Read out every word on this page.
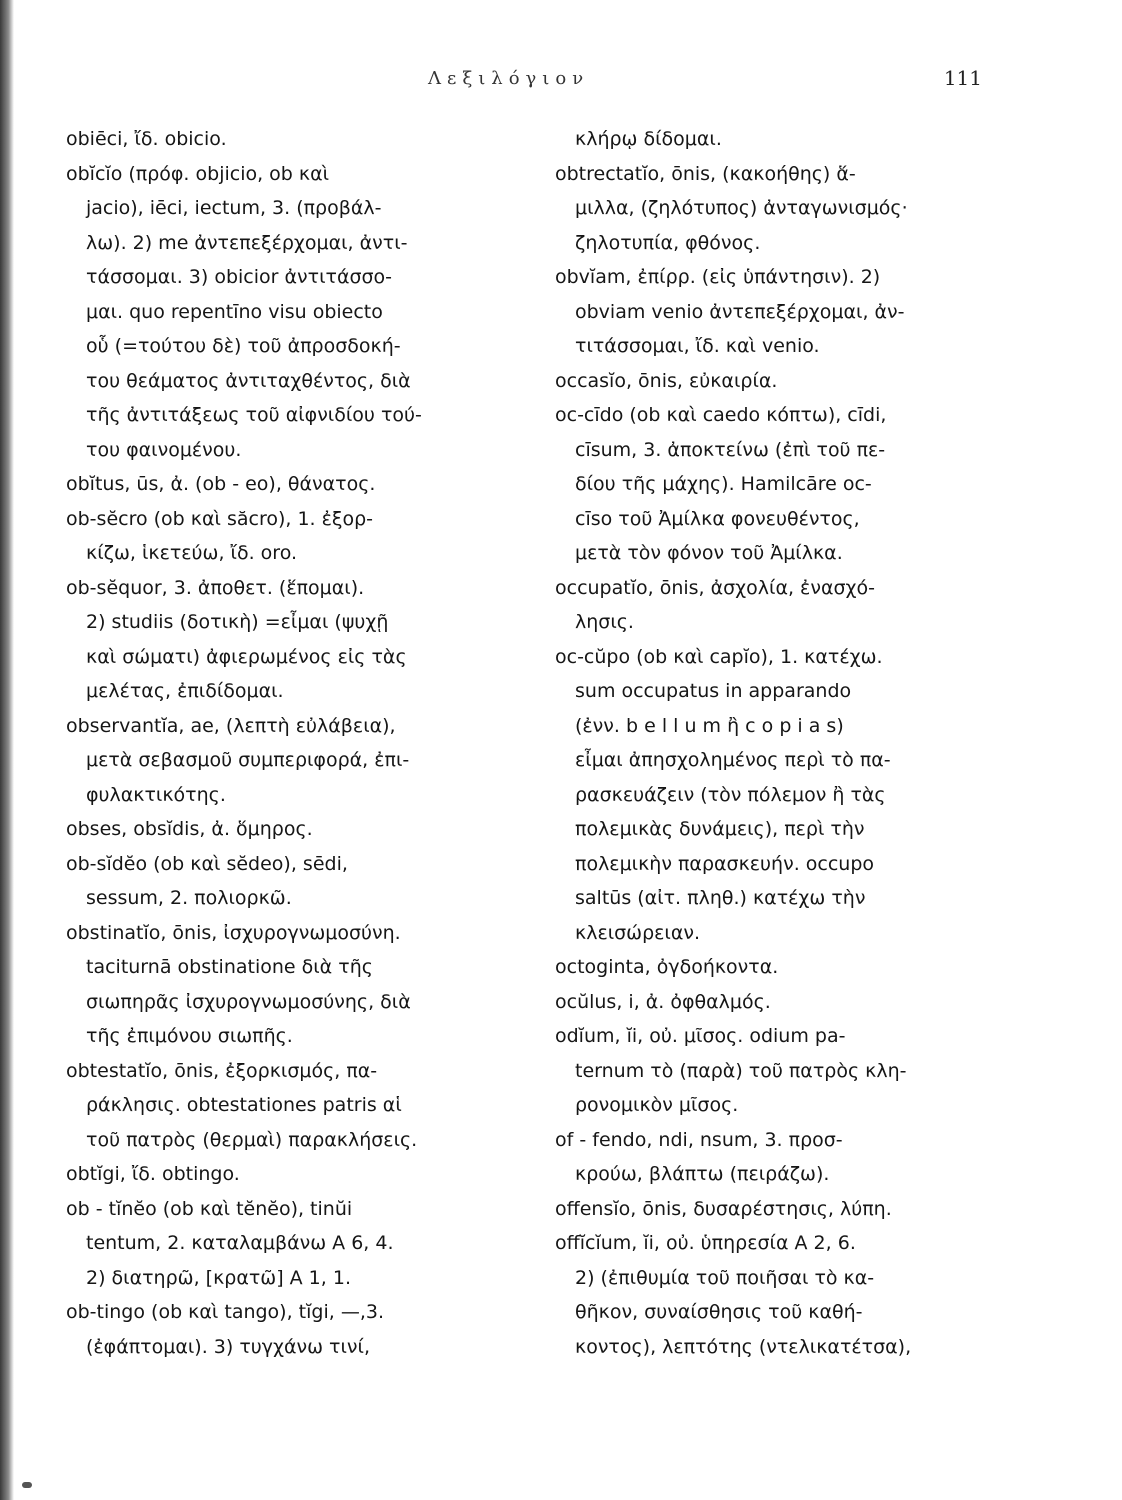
Λεξιλόγιον	111
obiēci, ἴδ. obicio.
obĭcĭo (πρόφ. objicio, ob καὶ
jacio), iēci, iectum, 3. (προβάλ-
λω). 2) me ἀντεπεξέρχομαι, ἀντι-
τάσσομαι. 3) obicior ἀντιτάσσο-
μαι. quo repentīno visu obiecto
οὗ (=τούτου δὲ) τοῦ ἀπροσδοκή-
του θεάματος ἀντιταχθέντος, διὰ
τῆς ἀντιτάξεως τοῦ αἰφνιδίου τού-
του φαινομένου.
obĭtus, ūs, ἀ. (ob - eo), θάνατος.
ob-sĕcro (ob καὶ săcro), 1. ἐξορ-
κίζω, ἱκετεύω, ἴδ. oro.
ob-sĕquor, 3. ἀποθετ. (ἕπομαι).
2) studiis (δοτικὴ) =εἶμαι (ψυχῇ
καὶ σώματι) ἀφιερωμένος εἰς τὰς
μελέτας, ἐπιδίδομαι.
observantĭa, ae, (λεπτὴ εὐλάβεια),
μετὰ σεβασμοῦ συμπεριφορά, ἐπι-
φυλακτικότης.
obses, obsĭdis, ἀ. ὅμηρος.
ob-sĭdĕo (ob καὶ sĕdeo), sēdi,
sessum, 2. πολιορκῶ.
obstinatĭo, ōnis, ἰσχυρογνωμοσύνη.
taciturnā obstinatione διὰ τῆς
σιωπηρᾶς ἰσχυρογνωμοσύνης, διὰ
τῆς ἐπιμόνου σιωπῆς.
obtestatĭo, ōnis, ἐξορκισμός, πα-
ράκλησις. obtestationes patris αἱ
τοῦ πατρὸς (θερμαὶ) παρακλήσεις.
obtĭgi, ἴδ. obtingo.
ob - tĭnĕo (ob καὶ tĕnĕo), tinŭi
tentum, 2. καταλαμβάνω Α 6, 4.
2) διατηρῶ, [κρατῶ] Α 1, 1.
ob-tingo (ob καὶ tango), tĭgi, —,3.
(ἐφάπτομαι). 3) τυγχάνω τινί,
κλήρῳ δίδομαι.
obtrectatĭo, ōnis, (κακοήθης) ἅ-
μιλλα, (ζηλότυπος) ἀνταγωνισμός·
ζηλοτυπία, φθόνος.
obvĭam, ἐπίρρ. (εἰς ὑπάντησιν). 2)
obviam venio ἀντεπεξέρχομαι, ἀν-
τιτάσσομαι, ἴδ. καὶ venio.
occasĭo, ōnis, εὐκαιρία.
oc-cīdo (ob καὶ caedo κόπτω), cīdi,
cīsum, 3. ἀποκτείνω (ἐπὶ τοῦ πε-
δίου τῆς μάχης). Hamilcāre oc-
cīso τοῦ Ἀμίλκα φονευθέντος,
μετὰ τὸν φόνον τοῦ Ἀμίλκα.
occupatĭo, ōnis, ἀσχολία, ἐνασχό-
λησις.
oc-cŭpo (ob καὶ capĭo), 1. κατέχω.
sum occupatus in apparando
(ἐνν. b e l l u m ἢ c o p i a s)
εἶμαι ἀπησχολημένος περὶ τὸ πα-
ρασκευάζειν (τὸν πόλεμον ἢ τὰς
πολεμικὰς δυνάμεις), περὶ τὴν
πολεμικὴν παρασκευήν. occupo
saltūs (αἰτ. πληθ.) κατέχω τὴν
κλεισώρειαν.
octoginta, ὀγδοήκοντα.
ocŭlus, i, ἀ. ὀφθαλμός.
odĭum, ĭi, οὐ. μῖσος. odium pa-
ternum τὸ (παρὰ) τοῦ πατρὸς κλη-
ρονομικὸν μῖσος.
of - fendo, ndi, nsum, 3. προσ-
κρούω, βλάπτω (πειράζω).
offensĭo, ōnis, δυσαρέστησις, λύπη.
offĭcĭum, ĭi, οὐ. ὑπηρεσία Α 2, 6.
2) (ἐπιθυμία τοῦ ποιῆσαι τὸ κα-
θῆκον, συναίσθησις τοῦ καθή-
κοντος), λεπτότης (ντελικατέτσα),
